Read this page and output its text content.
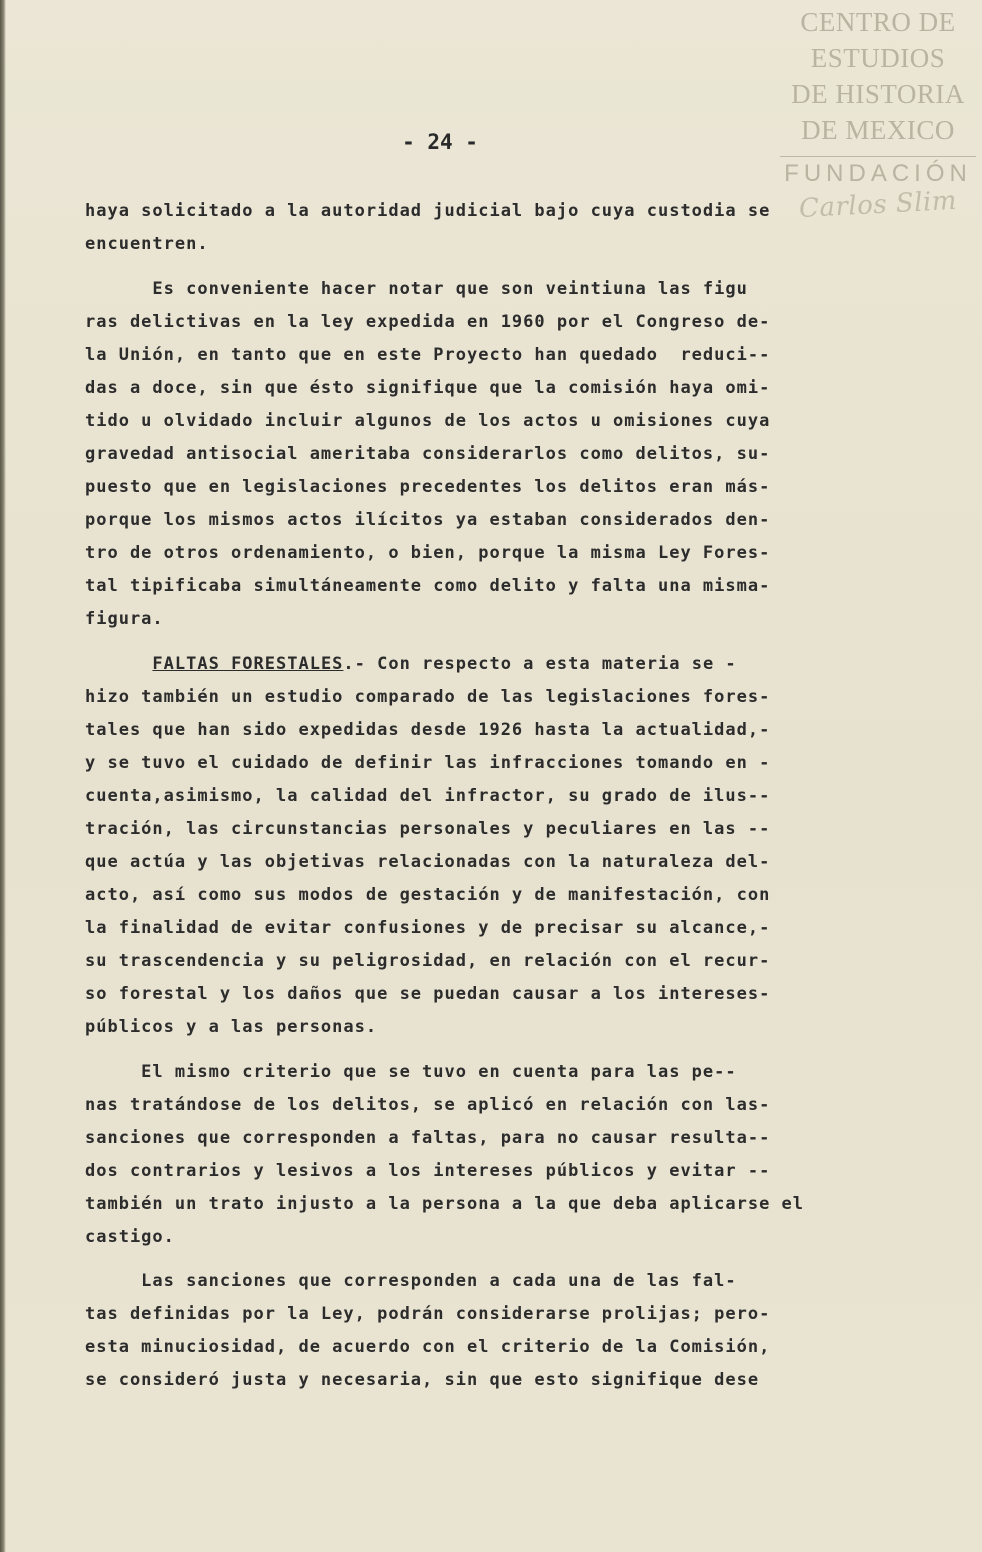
CENTRO DE
ESTUDIOS
DE HISTORIA
DE MEXICO
FUNDACIÓN
Carlos Slim
- 24 -
haya solicitado a la autoridad judicial bajo cuya custodia se
encuentren.
Es conveniente hacer notar que son veintiuna las figu
ras delictivas en la ley expedida en 1960 por el Congreso de-
la Unión, en tanto que en este Proyecto han quedado  reduci--
das a doce, sin que ésto signifique que la comisión haya omi-
tido u olvidado incluir algunos de los actos u omisiones cuya
gravedad antisocial ameritaba considerarlos como delitos, su-
puesto que en legislaciones precedentes los delitos eran más-
porque los mismos actos ilícitos ya estaban considerados den-
tro de otros ordenamiento, o bien, porque la misma Ley Fores-
tal tipificaba simultáneamente como delito y falta una misma-
figura.
FALTAS FORESTALES.- Con respecto a esta materia se -
hizo también un estudio comparado de las legislaciones fores-
tales que han sido expedidas desde 1926 hasta la actualidad,-
y se tuvo el cuidado de definir las infracciones tomando en -
cuenta,asimismo, la calidad del infractor, su grado de ilus--
tración, las circunstancias personales y peculiares en las --
que actúa y las objetivas relacionadas con la naturaleza del-
acto, así como sus modos de gestación y de manifestación, con
la finalidad de evitar confusiones y de precisar su alcance,-
su trascendencia y su peligrosidad, en relación con el recur-
so forestal y los daños que se puedan causar a los intereses-
públicos y a las personas.
El mismo criterio que se tuvo en cuenta para las pe--
nas tratándose de los delitos, se aplicó en relación con las-
sanciones que corresponden a faltas, para no causar resulta--
dos contrarios y lesivos a los intereses públicos y evitar --
también un trato injusto a la persona a la que deba aplicarse el
castigo.
Las sanciones que corresponden a cada una de las fal-
tas definidas por la Ley, podrán considerarse prolijas; pero-
esta minuciosidad, de acuerdo con el criterio de la Comisión,
se consideró justa y necesaria, sin que esto signifique dese
